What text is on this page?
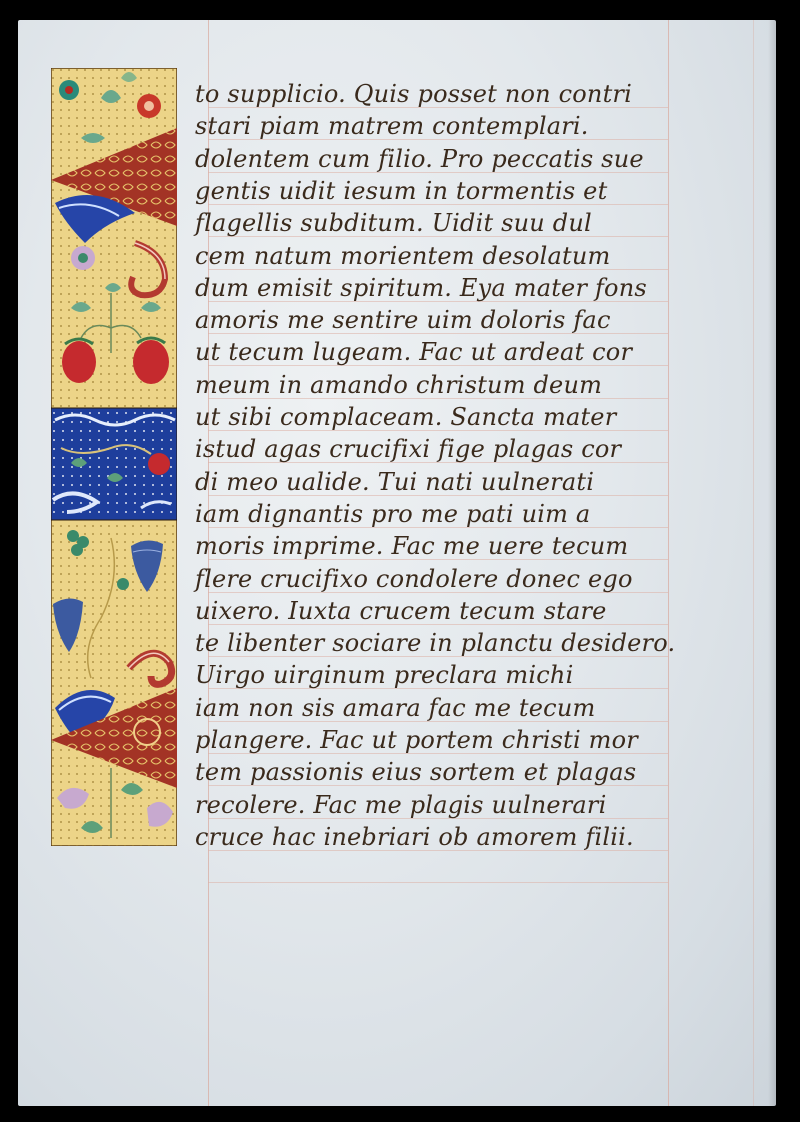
to supplicio. Quis posset non contri
stari piam matrem contemplari.
dolentem cum filio. Pro peccatis sue
gentis uidit iesum in tormentis et
flagellis subditum. Uidit suu dul
cem natum morientem desolatum
dum emisit spiritum. Eya mater fons
amoris me sentire uim doloris fac
ut tecum lugeam. Fac ut ardeat cor
meum in amando christum deum
ut sibi complaceam. Sancta mater
istud agas crucifixi fige plagas cor
di meo ualide. Tui nati uulnerati
iam dignantis pro me pati uim a
moris imprime. Fac me uere tecum
flere crucifixo condolere donec ego
uixero. Iuxta crucem tecum stare
te libenter sociare in planctu desidero.
Uirgo uirginum preclara michi
iam non sis amara fac me tecum
plangere. Fac ut portem christi mor
tem passionis eius sortem et plagas
recolere. Fac me plagis uulnerari
cruce hac inebriari ob amorem filii.
